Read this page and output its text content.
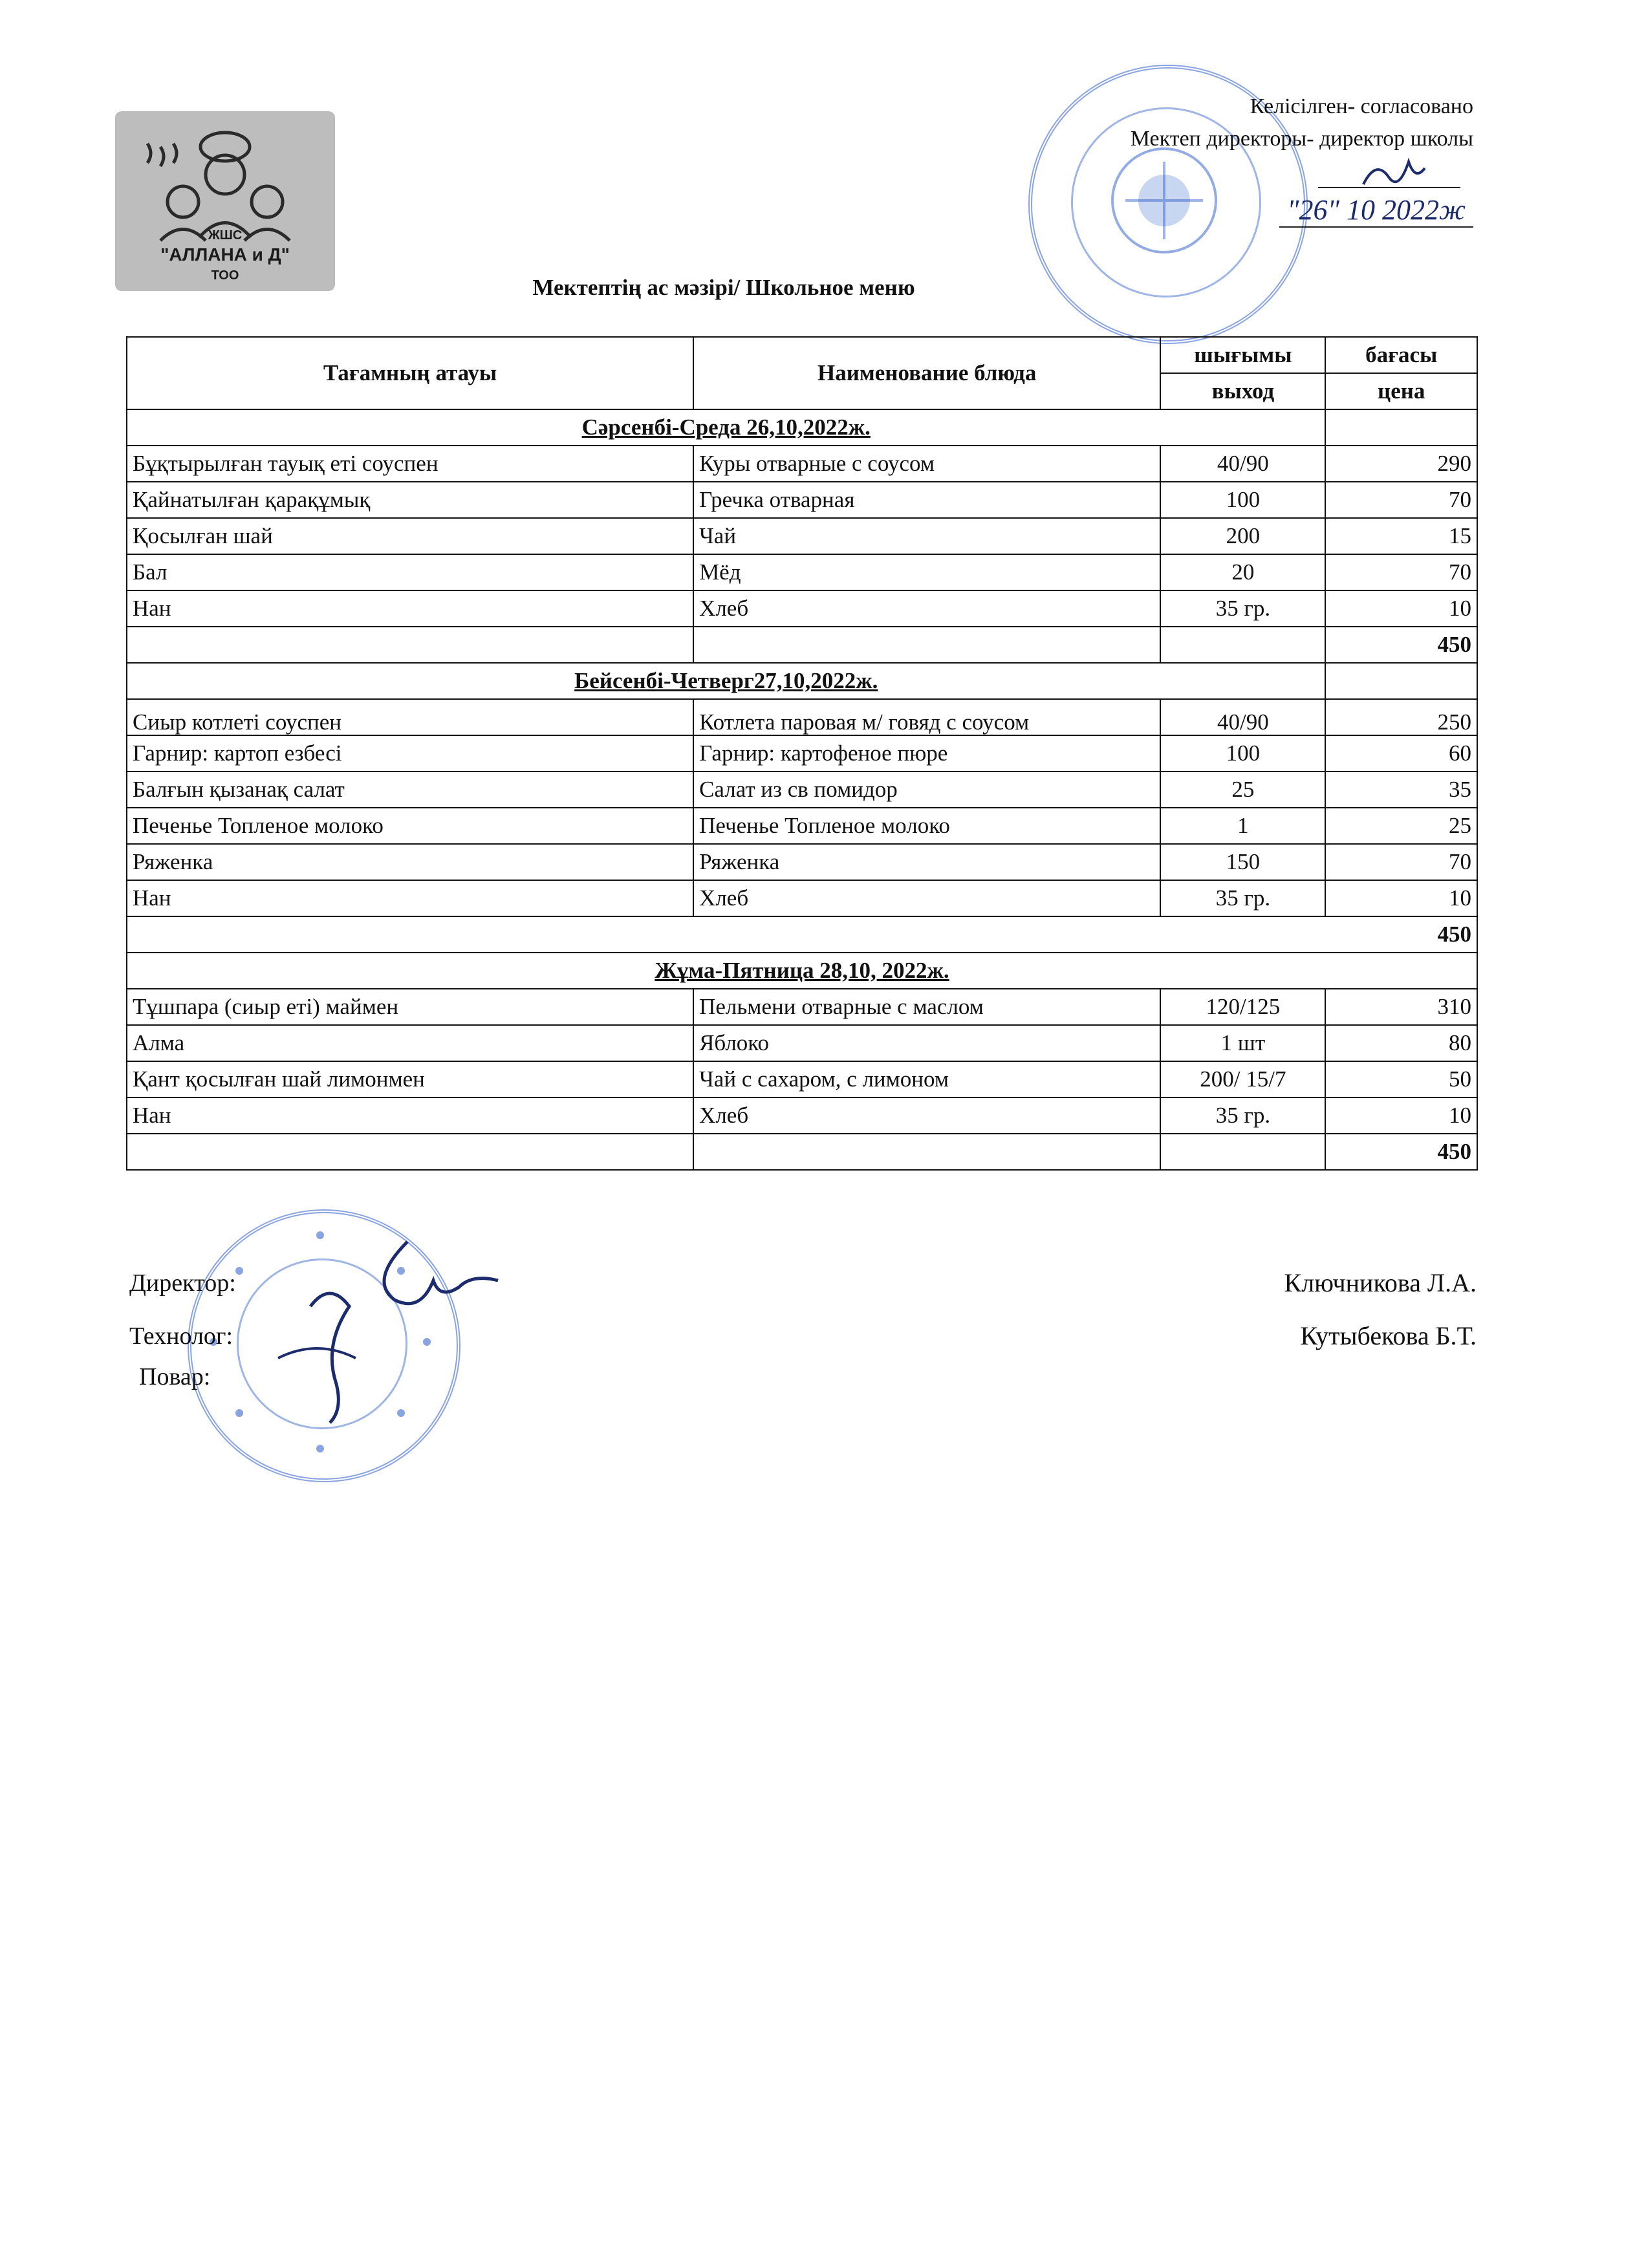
ЖШС
"АЛЛАНА и Д"
ТОО
Келісілген- согласовано
Мектеп директоры- директор школы
"26" 10 2022ж
Мектептің ас мәзірі/ Школьное меню
Тағамның атауы	Наименование блюда	шығымы	бағасы
		выход	цена
Сәрсенбі-Среда 26,10,2022ж.			
Бұқтырылған тауық еті соуспен	Куры отварные с соусом	40/90	290
Қайнатылған қарақұмық	Гречка отварная	100	70
Қосылған шай	Чай	200	15
Бал	Мёд	20	70
Нан	Хлеб	35 гр.	10
			450
Бейсенбі-Четверг27,10,2022ж.			
Сиыр котлеті соуспен	Котлета паровая м/ говяд с соусом	40/90	250
Гарнир: картоп езбесі	Гарнир: картофеное пюре	100	60
Балғын қызанақ салат	Салат из св помидор	25	35
Печенье Топленое молоко	Печенье Топленое молоко	1	25
Ряженка	Ряженка	150	70
Нан	Хлеб	35 гр.	10
450			
Жұма-Пятница 28,10, 2022ж.			
Тұшпара (сиыр еті) маймен	Пельмени отварные с маслом	120/125	310
Алма	Яблоко	1 шт	80
Қант қосылған шай лимонмен	Чай с сахаром, с лимоном	200/ 15/7	50
Нан	Хлеб	35 гр.	10
			450
Директор:	Ключникова Л.А.
Технолог:	Кутыбекова Б.Т.
Повар:
